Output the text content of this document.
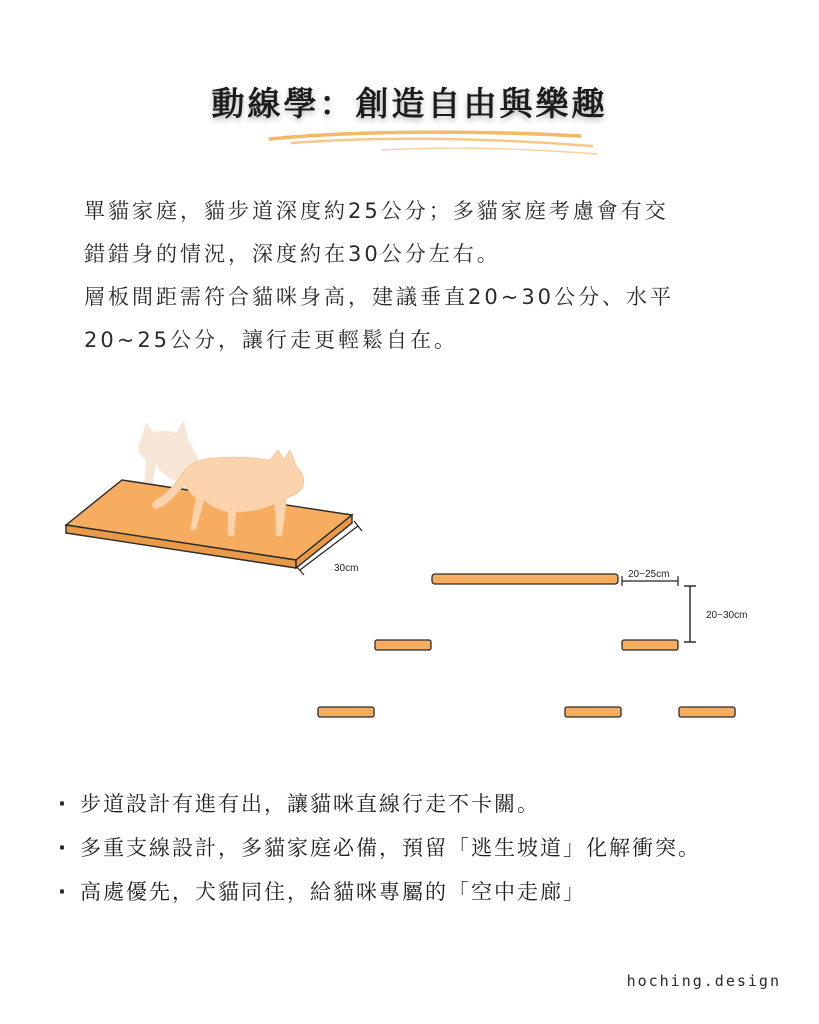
動線學：創造自由與樂趣

單貓家庭，貓步道深度約25公分；多貓家庭考慮會有交

錯錯身的情況，深度約在30公分左右。

層板間距需符合貓咪身高，建議垂直20~30公分、水平

20~25公分，讓行走更輕鬆自在。

30cm
20~25cm
20~30cm
· 步道設計有進有出，讓貓咪直線行走不卡關。
· 多重支線設計，多貓家庭必備，預留「逃生坡道」化解衝突。
· 高處優先，犬貓同住，給貓咪專屬的「空中走廊」
hoching.design
